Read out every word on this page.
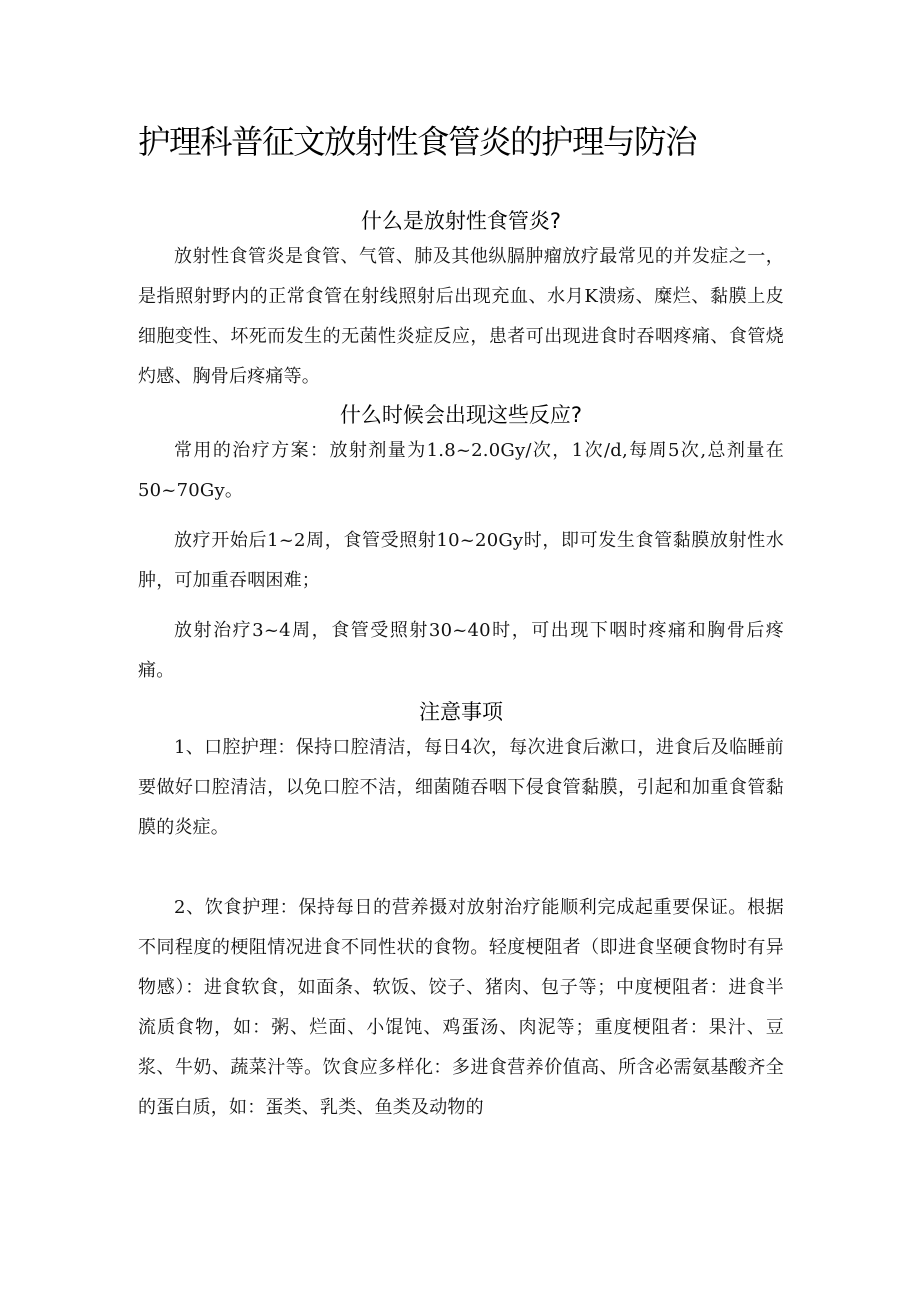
护理科普征文放射性食管炎的护理与防治
什么是放射性食管炎?

放射性食管炎是食管、气管、肺及其他纵膈肿瘤放疗最常见的并发症之一，是指照射野内的正常食管在射线照射后出现充血、水月K溃疡、糜烂、黏膜上皮细胞变性、坏死而发生的无菌性炎症反应，患者可出现进食时吞咽疼痛、食管烧灼感、胸骨后疼痛等。

什么时候会出现这些反应?

常用的治疗方案：放射剂量为1.8~2.0Gy/次，1次/d,每周5次,总剂量在50~70Gy。

放疗开始后1~2周，食管受照射10~20Gy时，即可发生食管黏膜放射性水肿，可加重吞咽困难；

放射治疗3~4周，食管受照射30~40时，可出现下咽时疼痛和胸骨后疼痛。

注意事项

1、口腔护理：保持口腔清洁，每日4次，每次进食后漱口，进食后及临睡前要做好口腔清洁，以免口腔不洁，细菌随吞咽下侵食管黏膜，引起和加重食管黏膜的炎症。

2、饮食护理：保持每日的营养摄对放射治疗能顺利完成起重要保证。根据不同程度的梗阻情况进食不同性状的食物。轻度梗阻者（即进食坚硬食物时有异物感）：进食软食，如面条、软饭、饺子、猪肉、包子等；中度梗阻者：进食半流质食物，如：粥、烂面、小馄饨、鸡蛋汤、肉泥等；重度梗阻者：果汁、豆浆、牛奶、蔬菜汁等。饮食应多样化：多进食营养价值高、所含必需氨基酸齐全的蛋白质，如：蛋类、乳类、鱼类及动物的
